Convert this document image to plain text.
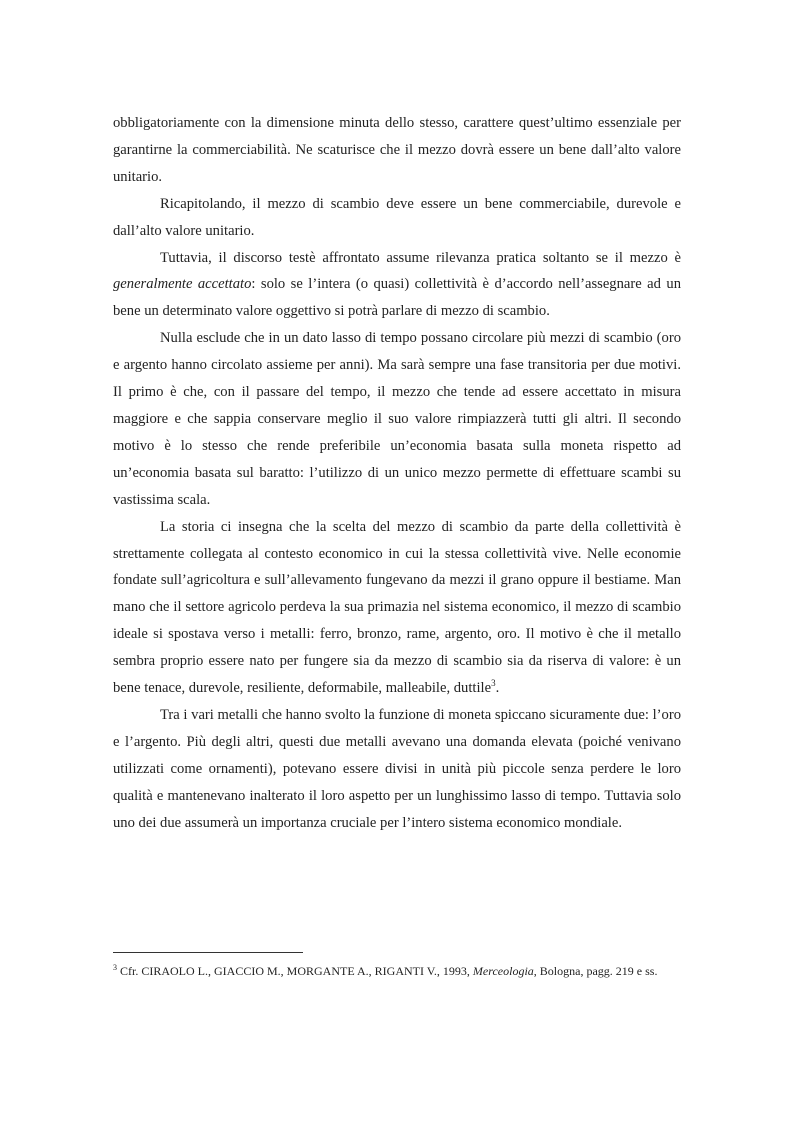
obbligatoriamente con la dimensione minuta dello stesso, carattere quest’ultimo essenziale per garantirne la commerciabilità. Ne scaturisce che il mezzo dovrà essere un bene dall’alto valore unitario.

Ricapitolando, il mezzo di scambio deve essere un bene commerciabile, durevole e dall’alto valore unitario.

Tuttavia, il discorso testè affrontato assume rilevanza pratica soltanto se il mezzo è generalmente accettato: solo se l’intera (o quasi) collettività è d’accordo nell’assegnare ad un bene un determinato valore oggettivo si potrà parlare di mezzo di scambio.

Nulla esclude che in un dato lasso di tempo possano circolare più mezzi di scambio (oro e argento hanno circolato assieme per anni). Ma sarà sempre una fase transitoria per due motivi. Il primo è che, con il passare del tempo, il mezzo che tende ad essere accettato in misura maggiore e che sappia conservare meglio il suo valore rimpiazzerà tutti gli altri. Il secondo motivo è lo stesso che rende preferibile un’economia basata sulla moneta rispetto ad un’economia basata sul baratto: l’utilizzo di un unico mezzo permette di effettuare scambi su vastissima scala.

La storia ci insegna che la scelta del mezzo di scambio da parte della collettività è strettamente collegata al contesto economico in cui la stessa collettività vive. Nelle economie fondate sull’agricoltura e sull’allevamento fungevano da mezzi il grano oppure il bestiame. Man mano che il settore agricolo perdeva la sua primazia nel sistema economico, il mezzo di scambio ideale si spostava verso i metalli: ferro, bronzo, rame, argento, oro. Il motivo è che il metallo sembra proprio essere nato per fungere sia da mezzo di scambio sia da riserva di valore: è un bene tenace, durevole, resiliente, deformabile, malleabile, duttile$^3$.

Tra i vari metalli che hanno svolto la funzione di moneta spiccano sicuramente due: l’oro e l’argento. Più degli altri, questi due metalli avevano una domanda elevata (poiché venivano utilizzati come ornamenti), potevano essere divisi in unità più piccole senza perdere le loro qualità e mantenevano inalterato il loro aspetto per un lunghissimo lasso di tempo. Tuttavia solo uno dei due assumerà un importanza cruciale per l’intero sistema economico mondiale.

$^3$ Cfr. CIRAOLO L., GIACCIO M., MORGANTE A., RIGANTI V., 1993, Merceologia, Bologna, pagg. 219 e ss.
